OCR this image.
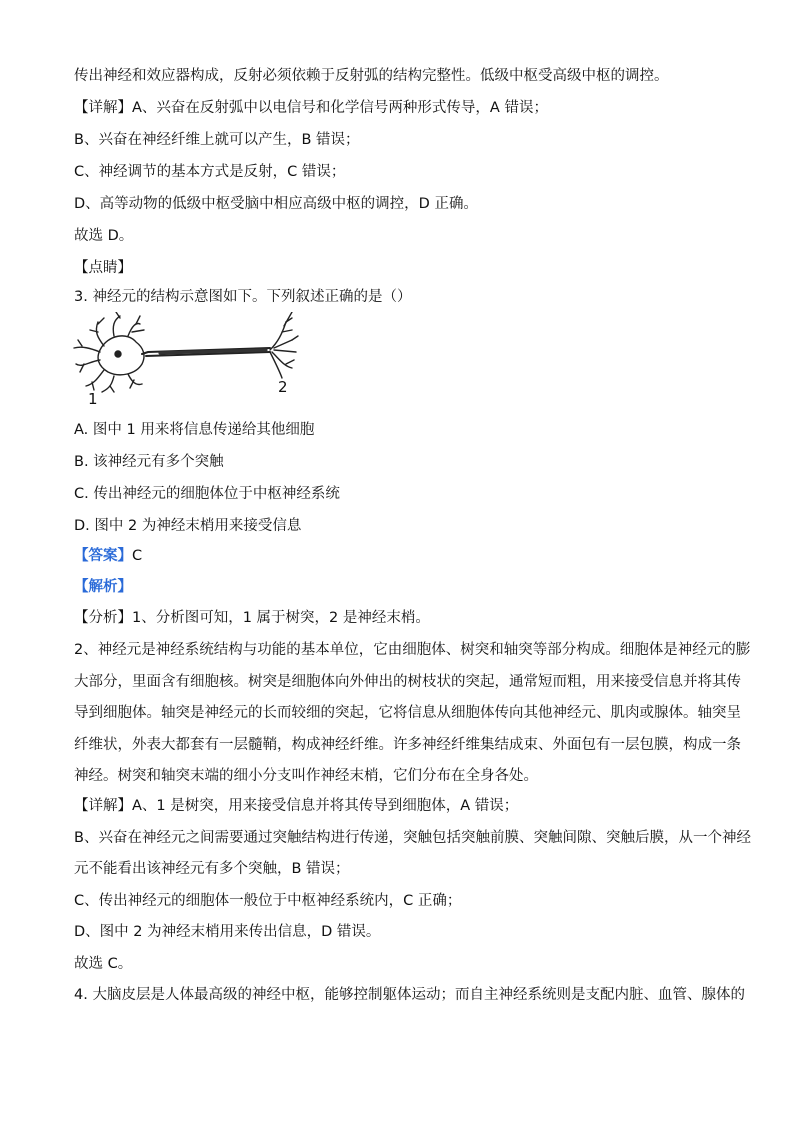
传出神经和效应器构成，反射必须依赖于反射弧的结构完整性。低级中枢受高级中枢的调控。
【详解】A、兴奋在反射弧中以电信号和化学信号两种形式传导，A 错误；
B、兴奋在神经纤维上就可以产生，B 错误；
C、神经调节的基本方式是反射，C 错误；
D、高等动物的低级中枢受脑中相应高级中枢的调控，D 正确。
故选 D。
【点睛】
3. 神经元的结构示意图如下。下列叙述正确的是（）
1
2
A. 图中 1 用来将信息传递给其他细胞
B. 该神经元有多个突触
C. 传出神经元的细胞体位于中枢神经系统
D. 图中 2 为神经末梢用来接受信息
【答案】C
【解析】
【分析】1、分析图可知，1 属于树突，2 是神经末梢。
2、神经元是神经系统结构与功能的基本单位，它由细胞体、树突和轴突等部分构成。细胞体是神经元的膨
大部分，里面含有细胞核。树突是细胞体向外伸出的树枝状的突起，通常短而粗，用来接受信息并将其传
导到细胞体。轴突是神经元的长而较细的突起，它将信息从细胞体传向其他神经元、肌肉或腺体。轴突呈
纤维状，外表大都套有一层髓鞘，构成神经纤维。许多神经纤维集结成束、外面包有一层包膜，构成一条
神经。树突和轴突末端的细小分支叫作神经末梢，它们分布在全身各处。
【详解】A、1 是树突，用来接受信息并将其传导到细胞体，A 错误；
B、兴奋在神经元之间需要通过突触结构进行传递，突触包括突触前膜、突触间隙、突触后膜，从一个神经
元不能看出该神经元有多个突触，B 错误；
C、传出神经元的细胞体一般位于中枢神经系统内，C 正确；
D、图中 2 为神经末梢用来传出信息，D 错误。
故选 C。
4. 大脑皮层是人体最高级的神经中枢，能够控制躯体运动；而自主神经系统则是支配内脏、血管、腺体的
